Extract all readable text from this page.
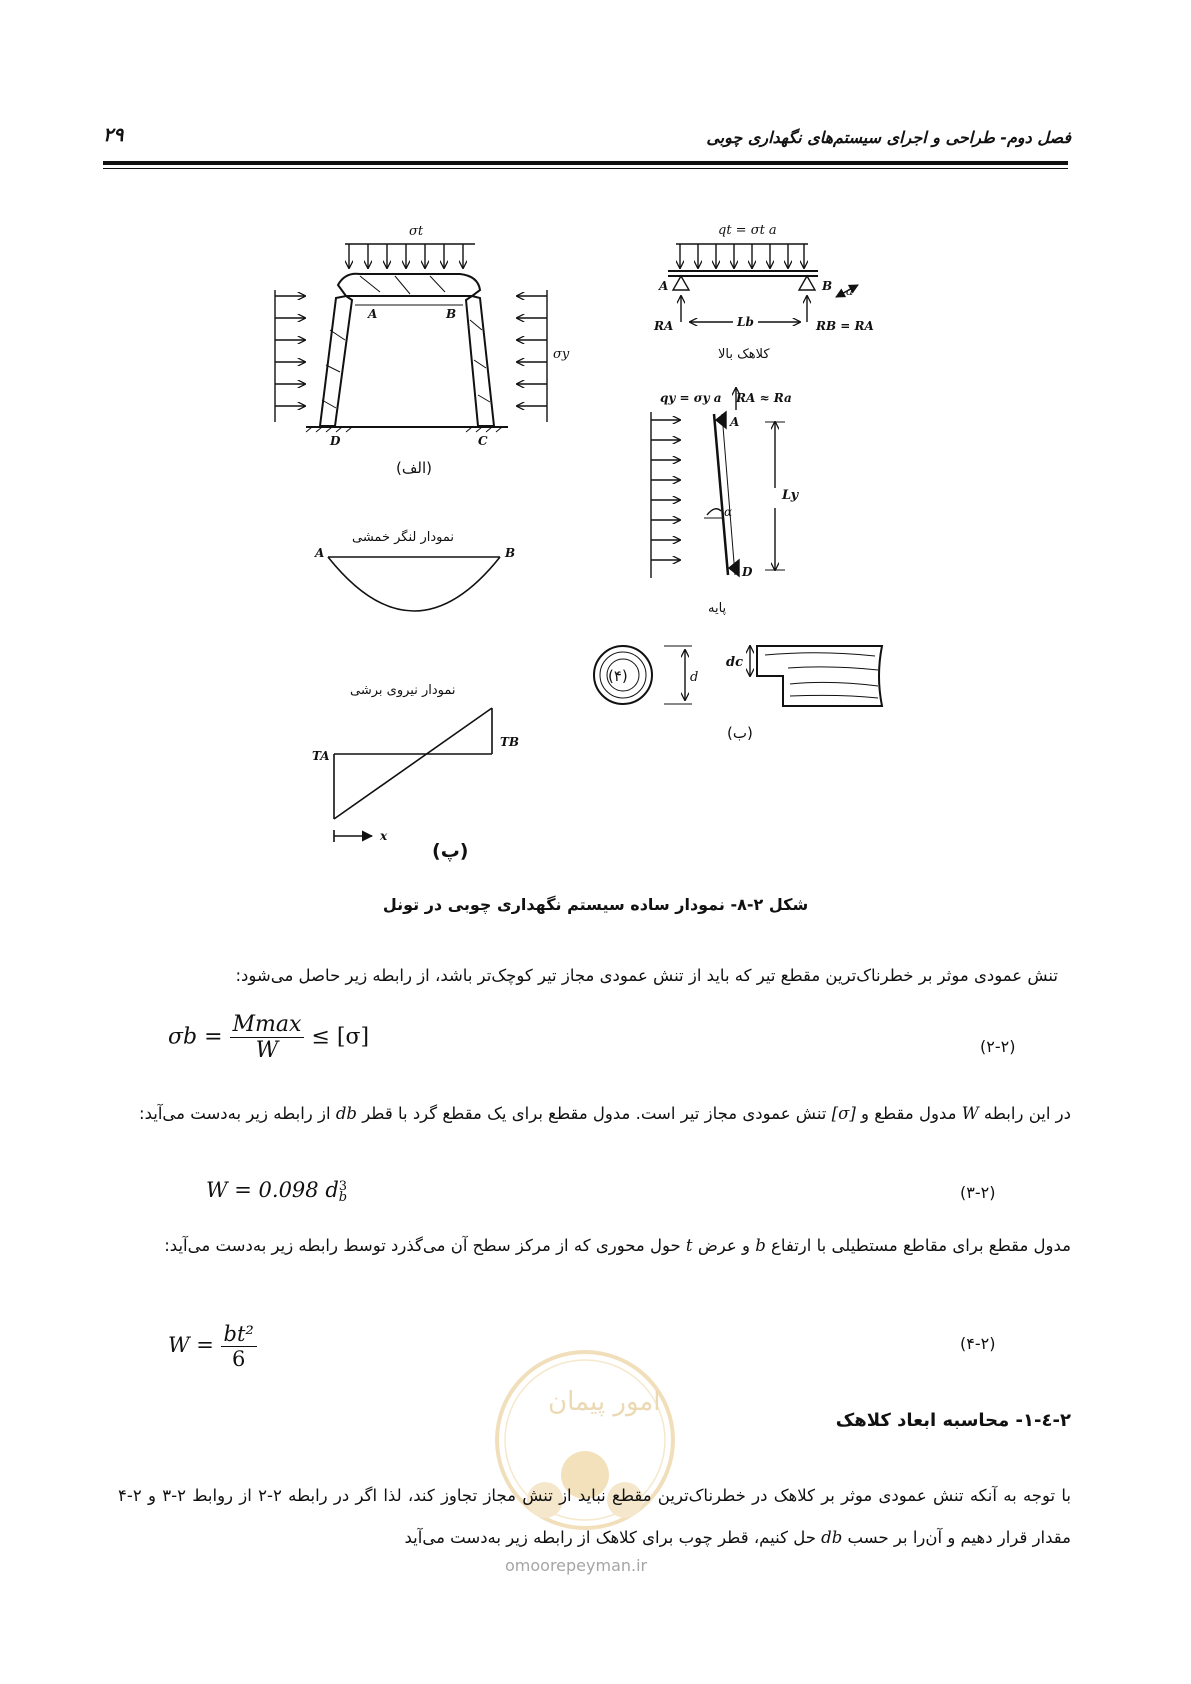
فصل دوم- طراحی و اجرای سیستم‌های نگهداری چوبی
۲۹
σt
σy
A	B
C
D
(الف)
qt = σt a
A	B a
RA	Lb	RB = RA
کلاهک بالا
qy = σy a RA ≈ Ra
A
α
Ly
D
پایه
(۴)	d
dc
(ب)
نمودار لنگر خمشی
A	B
نمودار نیروی برشی
TA
TB
x
(پ)
امور پیمان
شکل ۲-۸- نمودار ساده سیستم نگهداری چوبی در تونل
تنش عمودی موثر بر خطرناک‌ترین مقطع تیر که باید از تنش عمودی مجاز تیر کوچک‌تر باشد، از رابطه زیر حاصل می‌شود:
$\sigma b = \frac{Mmax}{W} \le [\sigma]$	(۲-۲)
در این رابطه W مدول مقطع و [σ] تنش عمودی مجاز تیر است. مدول مقطع برای یک مقطع گرد با قطر db از رابطه زیر به‌دست می‌آید:
W = 0.098 d 3
b	(۳-۲)
مدول مقطع برای مقاطع مستطیلی با ارتفاع b و عرض t حول محوری که از مرکز سطح آن می‌گذرد توسط رابطه زیر به‌دست می‌آید:
$W = \frac{\text{bt²}}{6}$	(۴-۲)
۲-٤-۱- محاسبه ابعاد کلاهک
با توجه به آنکه تنش عمودی موثر بر کلاهک در خطرناک‌ترین مقطع نباید از تنش مجاز تجاوز کند، لذا اگر در رابطه ۲-۲ از روابط ۲-۳ و ۲-۴ مقدار قرار دهیم و آن‌را بر حسب db حل کنیم، قطر چوب برای کلاهک از رابطه زیر به‌دست می‌آید
omoorepeyman.ir
